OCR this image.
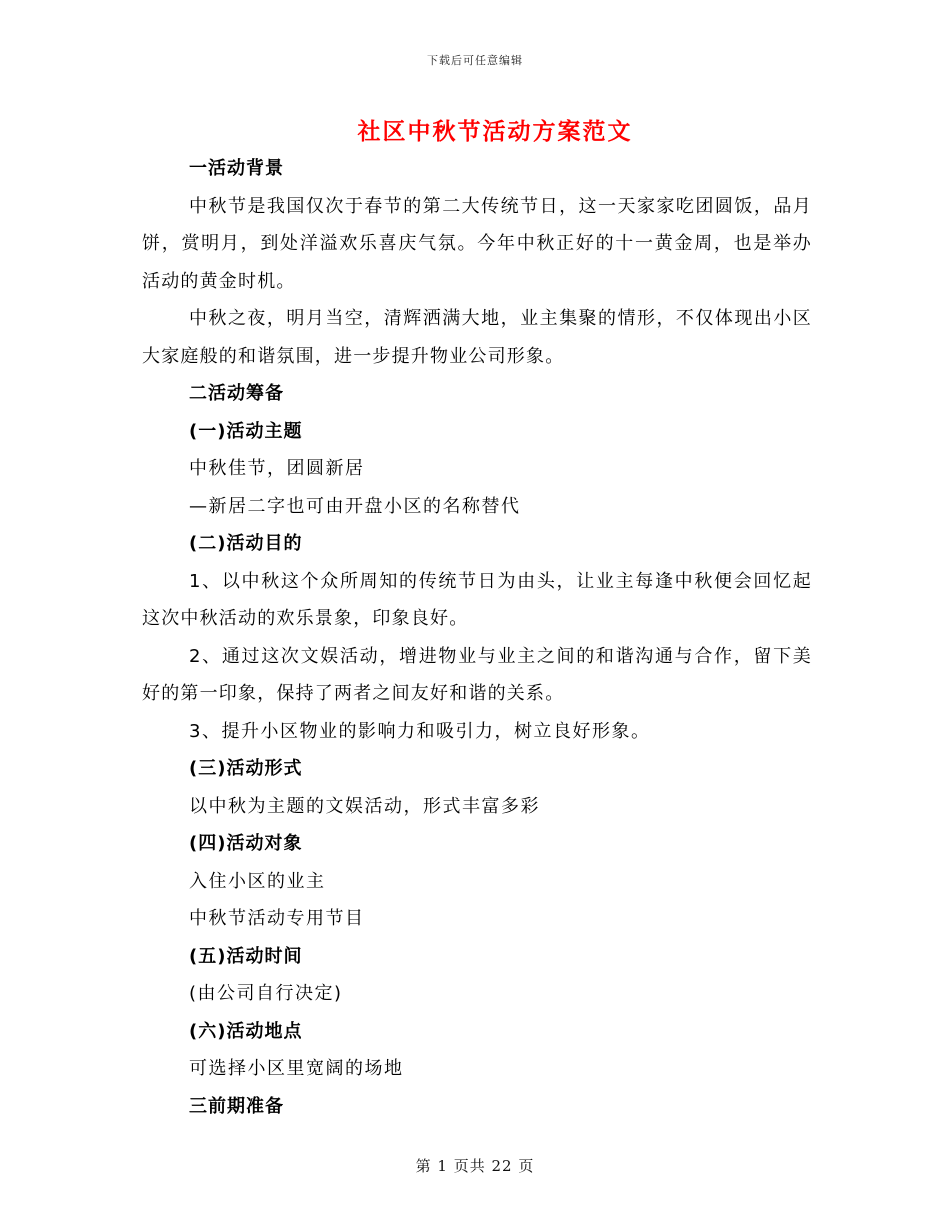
下载后可任意编辑
社区中秋节活动方案范文
一活动背景
中秋节是我国仅次于春节的第二大传统节日，这一天家家吃团圆饭，品月饼，赏明月，到处洋溢欢乐喜庆气氛。今年中秋正好的十一黄金周，也是举办活动的黄金时机。
中秋之夜，明月当空，清辉洒满大地，业主集聚的情形，不仅体现出小区大家庭般的和谐氛围，进一步提升物业公司形象。
二活动筹备
(一)活动主题
中秋佳节，团圆新居
—新居二字也可由开盘小区的名称替代
(二)活动目的
1、以中秋这个众所周知的传统节日为由头，让业主每逢中秋便会回忆起这次中秋活动的欢乐景象，印象良好。
2、通过这次文娱活动，增进物业与业主之间的和谐沟通与合作，留下美好的第一印象，保持了两者之间友好和谐的关系。
3、提升小区物业的影响力和吸引力，树立良好形象。
(三)活动形式
以中秋为主题的文娱活动，形式丰富多彩
(四)活动对象
入住小区的业主
中秋节活动专用节目
(五)活动时间
(由公司自行决定)
(六)活动地点
可选择小区里宽阔的场地
三前期准备
第 1 页共 22 页
